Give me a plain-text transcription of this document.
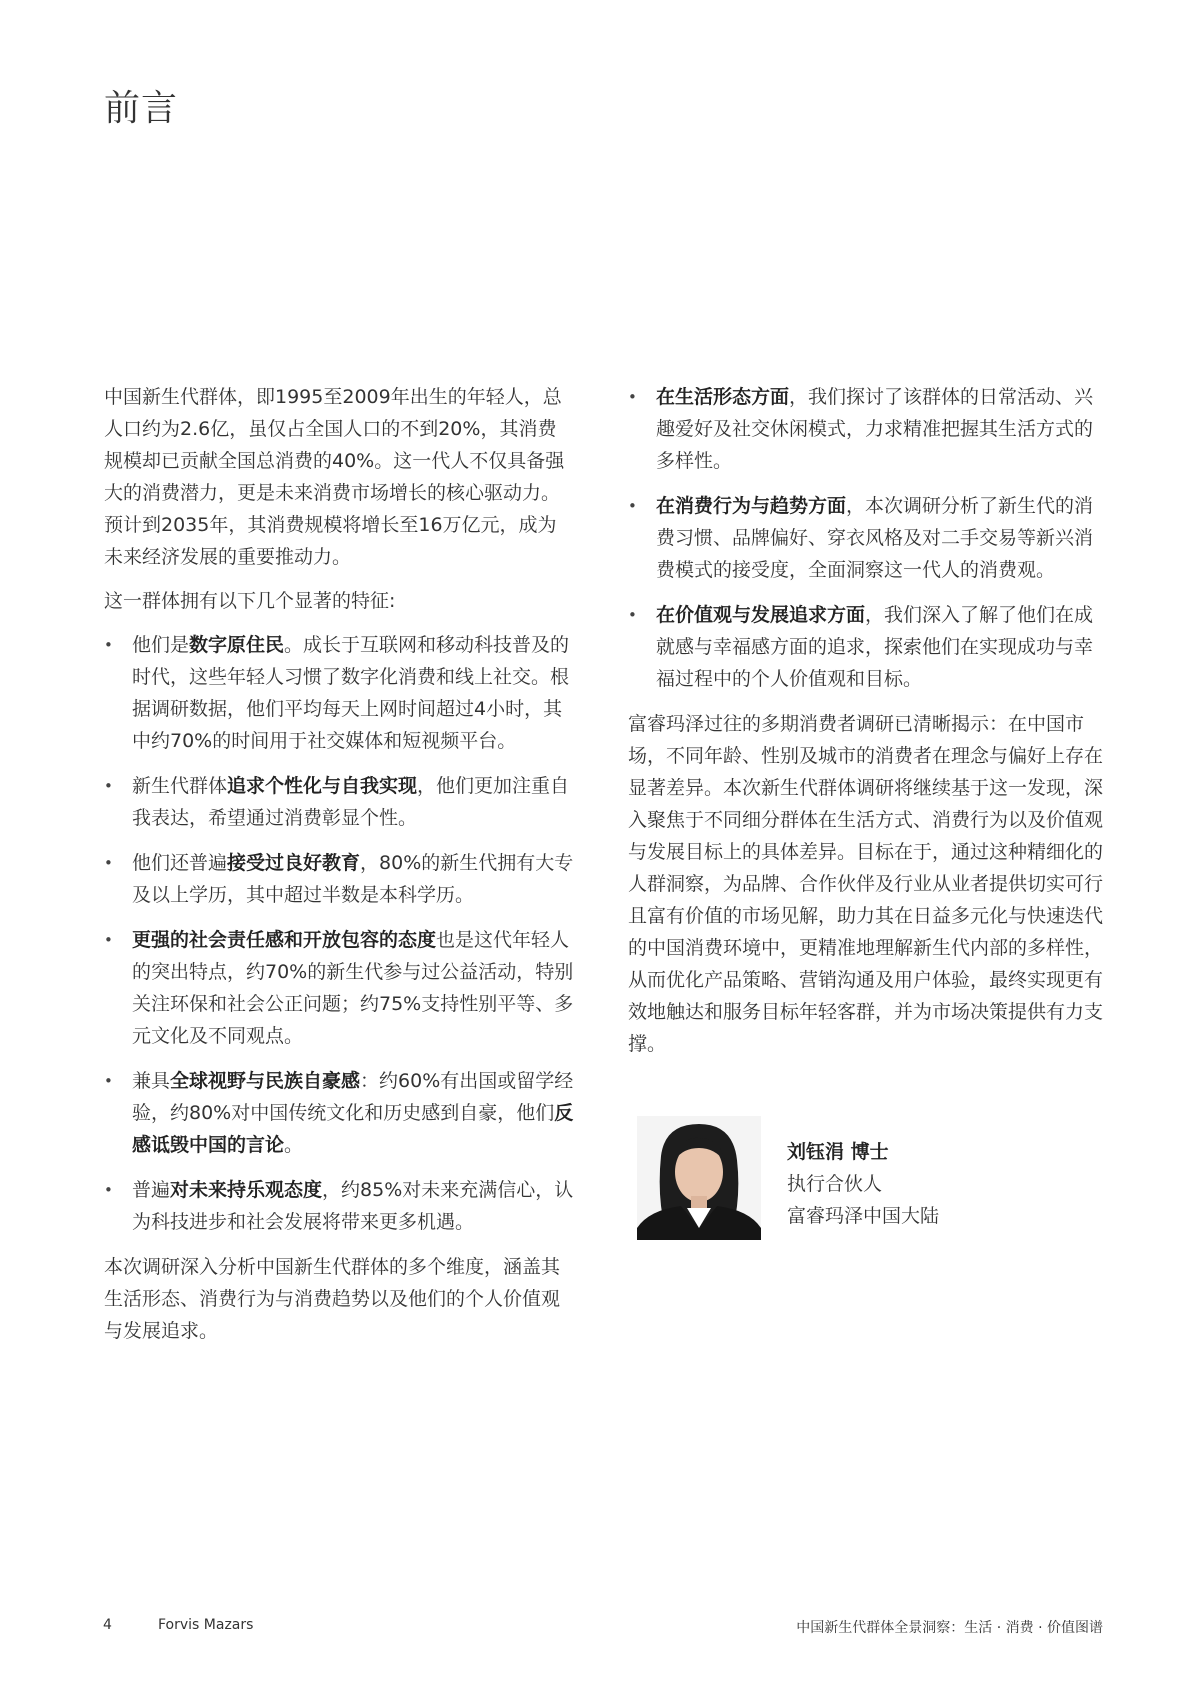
前言

中国新生代群体，即1995至2009年出生的年轻人，总人口约为2.6亿，虽仅占全国人口的不到20%，其消费规模却已贡献全国总消费的40%。这一代人不仅具备强大的消费潜力，更是未来消费市场增长的核心驱动力。预计到2035年，其消费规模将增长至16万亿元，成为未来经济发展的重要推动力。

这一群体拥有以下几个显著的特征:

• 他们是数字原住民。成长于互联网和移动科技普及的时代，这些年轻人习惯了数字化消费和线上社交。根据调研数据，他们平均每天上网时间超过4小时，其中约70%的时间用于社交媒体和短视频平台。
• 新生代群体追求个性化与自我实现，他们更加注重自我表达，希望通过消费彰显个性。
• 他们还普遍接受过良好教育，80%的新生代拥有大专及以上学历，其中超过半数是本科学历。
• 更强的社会责任感和开放包容的态度也是这代年轻人的突出特点，约70%的新生代参与过公益活动，特别关注环保和社会公正问题；约75%支持性别平等、多元文化及不同观点。
• 兼具全球视野与民族自豪感：约60%有出国或留学经验，约80%对中国传统文化和历史感到自豪，他们反感诋毁中国的言论。
• 普遍对未来持乐观态度，约85%对未来充满信心，认为科技进步和社会发展将带来更多机遇。

本次调研深入分析中国新生代群体的多个维度，涵盖其生活形态、消费行为与消费趋势以及他们的个人价值观与发展追求。

• 在生活形态方面，我们探讨了该群体的日常活动、兴趣爱好及社交休闲模式，力求精准把握其生活方式的多样性。
• 在消费行为与趋势方面，本次调研分析了新生代的消费习惯、品牌偏好、穿衣风格及对二手交易等新兴消费模式的接受度，全面洞察这一代人的消费观。
• 在价值观与发展追求方面，我们深入了解了他们在成就感与幸福感方面的追求，探索他们在实现成功与幸福过程中的个人价值观和目标。

富睿玛泽过往的多期消费者调研已清晰揭示：在中国市场，不同年龄、性别及城市的消费者在理念与偏好上存在显著差异。本次新生代群体调研将继续基于这一发现，深入聚焦于不同细分群体在生活方式、消费行为以及价值观与发展目标上的具体差异。目标在于，通过这种精细化的人群洞察，为品牌、合作伙伴及行业从业者提供切实可行且富有价值的市场见解，助力其在日益多元化与快速迭代的中国消费环境中，更精准地理解新生代内部的多样性，从而优化产品策略、营销沟通及用户体验，最终实现更有效地触达和服务目标年轻客群，并为市场决策提供有力支撑。

刘钰涓 博士
执行合伙人
富睿玛泽中国大陆
4	Forvis Mazars	中国新生代群体全景洞察：生活 · 消费 · 价值图谱
